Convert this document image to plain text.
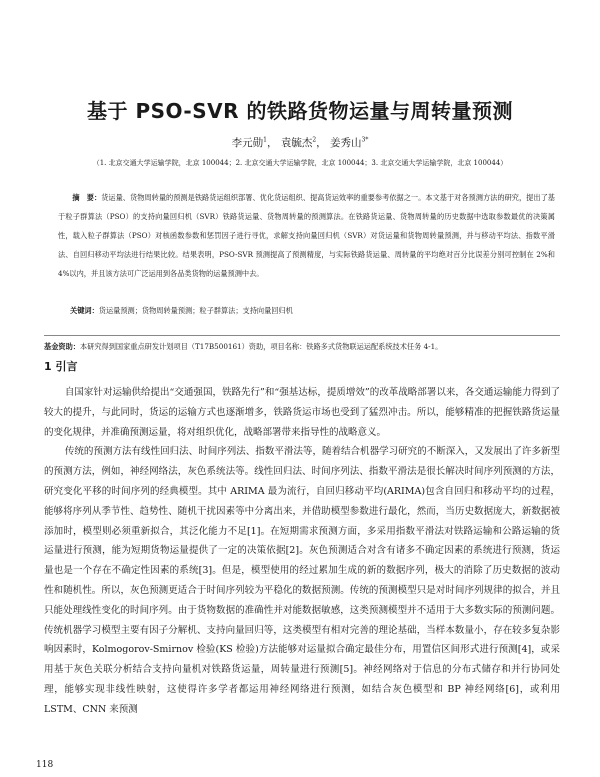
基于 PSO-SVR 的铁路货物运量与周转量预测
李元勋$^1$， 袁毓杰$^2$， 姜秀山$^{3*}$
（1. 北京交通大学运输学院，北京 100044；2. 北京交通大学运输学院，北京 100044；3. 北京交通大学运输学院，北京 100044）
摘　要：货运量、货物周转量的预测是铁路货运组织部署、优化货运组织、提高货运效率的重要参考依据之一。本文基于对各预测方法的研究，提出了基于粒子群算法（PSO）的支持向量回归机（SVR）铁路货运量、货物周转量的预测算法。在铁路货运量、货物周转量的历史数据中选取参数最优的决策属性，载入粒子群算法（PSO）对核函数参数和惩罚因子进行寻优，求解支持向量回归机（SVR）对货运量和货物周转量预测，并与移动平均法、指数平滑法、自回归移动平均法进行结果比较。结果表明，PSO-SVR 预测提高了预测精度，与实际铁路货运量、周转量的平均绝对百分比误差分别可控制在 2%和 4%以内，并且该方法可广泛运用到各品类货物的运量预测中去。
关键词：货运量预测；货物周转量预测；粒子群算法；支持向量回归机
基金资助：本研究得到国家重点研发计划项目（T17B500161）资助，项目名称：铁路多式货物联运运配系统技术任务 4-1。
1 引言

自国家针对运输供给提出“交通强国，铁路先行”和“强基达标，提质增效”的改革战略部署以来，各交通运输能力得到了较大的提升，与此同时，货运的运输方式也逐渐增多，铁路货运市场也受到了猛烈冲击。所以，能够精准的把握铁路货运量的变化规律，并准确预测运量，将对组织优化，战略部署带来指导性的战略意义。

传统的预测方法有线性回归法、时间序列法、指数平滑法等，随着结合机器学习研究的不断深入，又发展出了许多新型的预测方法，例如，神经网络法，灰色系统法等。线性回归法、时间序列法、指数平滑法是很长解决时间序列预测的方法，研究变化平移的时间序列的经典模型。其中 ARIMA 最为流行，自回归移动平均(ARIMA)包含自回归和移动平均的过程，能够将序列从季节性、趋势性、随机干扰因素等中分离出来，并借助模型参数进行最化，然而，当历史数据庞大，新数据被添加时，模型则必须重新拟合，其泛化能力不足[1]。在短期需求预测方面，多采用指数平滑法对铁路运输和公路运输的货运量进行预测，能为短期货物运量提供了一定的决策依据[2]。灰色预测适合对含有诸多不确定因素的系统进行预测，货运量也是一个存在不确定性因素的系统[3]。但是，模型使用的经过累加生成的新的数据序列，极大的消除了历史数据的波动性和随机性。所以，灰色预测更适合于时间序列较为平稳化的数据预测。传统的预测模型只是对时间序列规律的拟合，并且只能处理线性变化的时间序列。由于货物数据的准确性并对能数据敏感，这类预测模型并不适用于大多数实际的预测问题。传统机器学习模型主要有因子分解机、支持向量回归等，这类模型有相对完善的理论基础，当样本数量小，存在较多复杂影响因素时，Kolmogorov-Smirnov 检验(KS 检验)方法能够对运量拟合确定最佳分布，用置信区间形式进行预测[4]，或采用基于灰色关联分析结合支持向量机对铁路货运量，周转量进行预测[5]。神经网络对于信息的分布式储存和并行协同处理，能够实现非线性映射，这使得许多学者都运用神经网络进行预测，如结合灰色模型和 BP 神经网络[6]，或利用 LSTM、CNN 来预测

118
